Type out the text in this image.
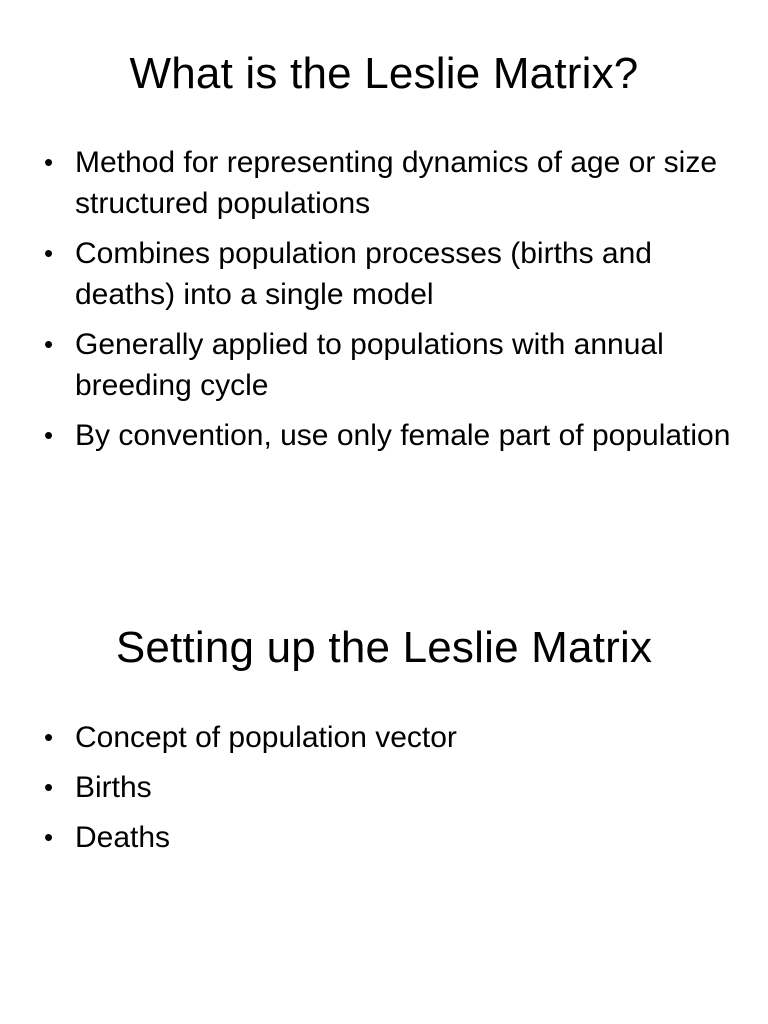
What is the Leslie Matrix?
• Method for representing dynamics of age or size structured populations
• Combines population processes (births and deaths) into a single model
• Generally applied to populations with annual breeding cycle
• By convention, use only female part of population
Setting up the Leslie Matrix
• Concept of population vector
• Births
• Deaths
